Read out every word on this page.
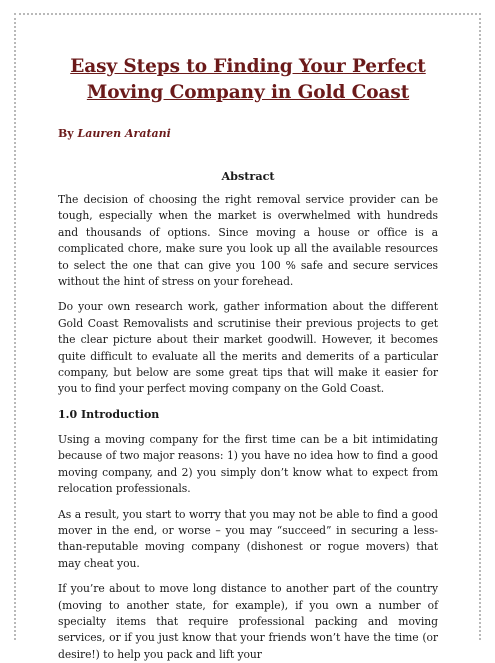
Easy Steps to Finding Your Perfect Moving Company in Gold Coast
By Lauren Aratani
Abstract

The decision of choosing the right removal service provider can be tough, especially when the market is overwhelmed with hundreds and thousands of options. Since moving a house or office is a complicated chore, make sure you look up all the available resources to select the one that can give you 100 % safe and secure services without the hint of stress on your forehead.

Do your own research work, gather information about the different Gold Coast Removalists and scrutinise their previous projects to get the clear picture about their market goodwill. However, it becomes quite difficult to evaluate all the merits and demerits of a particular company, but below are some great tips that will make it easier for you to find your perfect moving company on the Gold Coast.

1.0 Introduction

Using a moving company for the first time can be a bit intimidating because of two major reasons: 1) you have no idea how to find a good moving company, and 2) you simply don’t know what to expect from relocation professionals.

As a result, you start to worry that you may not be able to find a good mover in the end, or worse – you may “succeed” in securing a less-than-reputable moving company (dishonest or rogue movers) that may cheat you.

If you’re about to move long distance to another part of the country (moving to another state, for example), if you own a number of specialty items that require professional packing and moving services, or if you just know that your friends won’t have the time (or desire!) to help you pack and lift your
